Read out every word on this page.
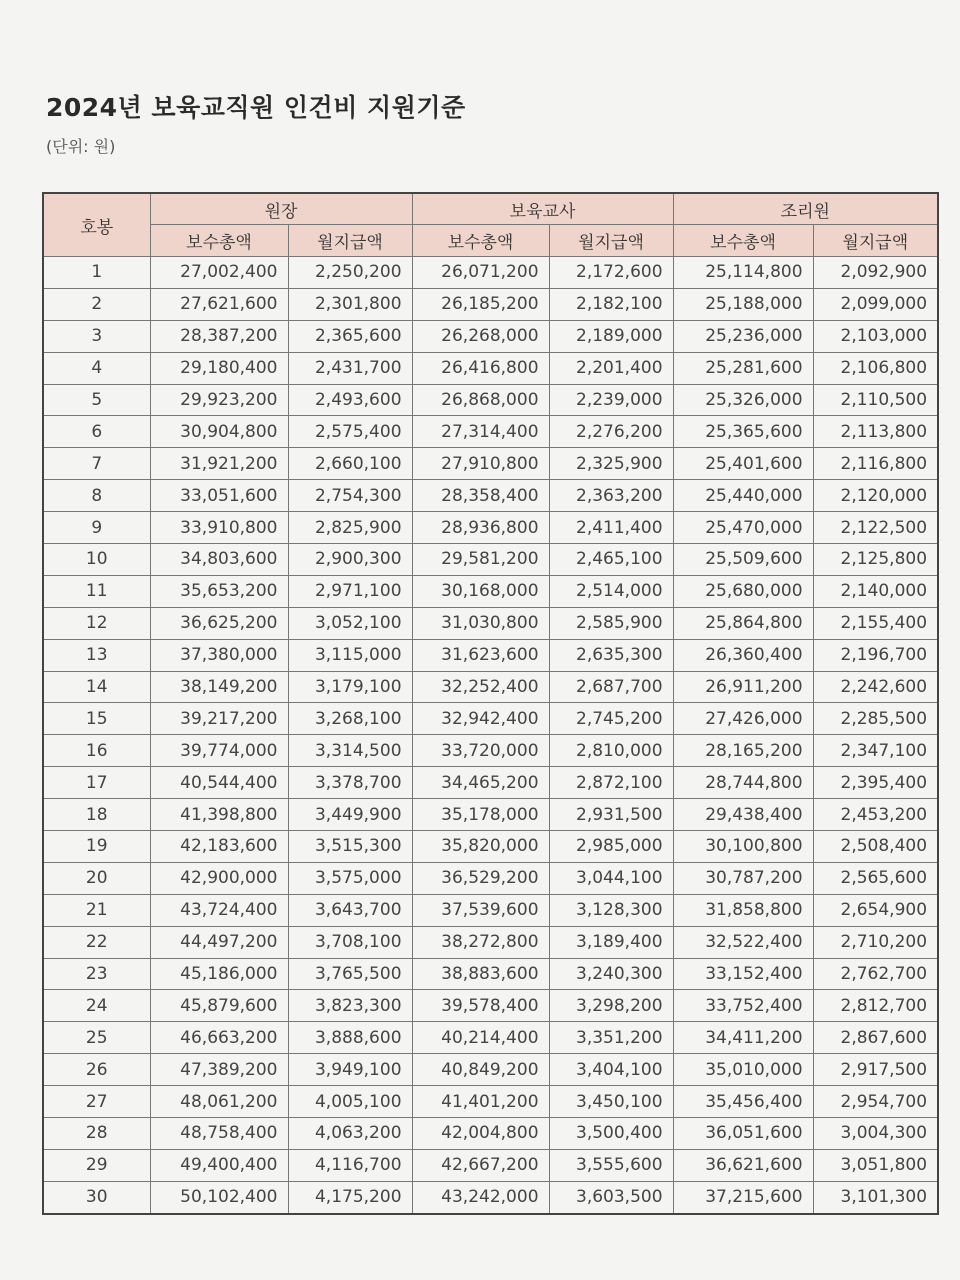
2024년 보육교직원 인건비 지원기준
(단위: 원)
호봉	원장		보육교사		조리원	
	보수총액	월지급액	보수총액	월지급액	보수총액	월지급액
1	27,002,400	2,250,200	26,071,200	2,172,600	25,114,800	2,092,900
2	27,621,600	2,301,800	26,185,200	2,182,100	25,188,000	2,099,000
3	28,387,200	2,365,600	26,268,000	2,189,000	25,236,000	2,103,000
4	29,180,400	2,431,700	26,416,800	2,201,400	25,281,600	2,106,800
5	29,923,200	2,493,600	26,868,000	2,239,000	25,326,000	2,110,500
6	30,904,800	2,575,400	27,314,400	2,276,200	25,365,600	2,113,800
7	31,921,200	2,660,100	27,910,800	2,325,900	25,401,600	2,116,800
8	33,051,600	2,754,300	28,358,400	2,363,200	25,440,000	2,120,000
9	33,910,800	2,825,900	28,936,800	2,411,400	25,470,000	2,122,500
10	34,803,600	2,900,300	29,581,200	2,465,100	25,509,600	2,125,800
11	35,653,200	2,971,100	30,168,000	2,514,000	25,680,000	2,140,000
12	36,625,200	3,052,100	31,030,800	2,585,900	25,864,800	2,155,400
13	37,380,000	3,115,000	31,623,600	2,635,300	26,360,400	2,196,700
14	38,149,200	3,179,100	32,252,400	2,687,700	26,911,200	2,242,600
15	39,217,200	3,268,100	32,942,400	2,745,200	27,426,000	2,285,500
16	39,774,000	3,314,500	33,720,000	2,810,000	28,165,200	2,347,100
17	40,544,400	3,378,700	34,465,200	2,872,100	28,744,800	2,395,400
18	41,398,800	3,449,900	35,178,000	2,931,500	29,438,400	2,453,200
19	42,183,600	3,515,300	35,820,000	2,985,000	30,100,800	2,508,400
20	42,900,000	3,575,000	36,529,200	3,044,100	30,787,200	2,565,600
21	43,724,400	3,643,700	37,539,600	3,128,300	31,858,800	2,654,900
22	44,497,200	3,708,100	38,272,800	3,189,400	32,522,400	2,710,200
23	45,186,000	3,765,500	38,883,600	3,240,300	33,152,400	2,762,700
24	45,879,600	3,823,300	39,578,400	3,298,200	33,752,400	2,812,700
25	46,663,200	3,888,600	40,214,400	3,351,200	34,411,200	2,867,600
26	47,389,200	3,949,100	40,849,200	3,404,100	35,010,000	2,917,500
27	48,061,200	4,005,100	41,401,200	3,450,100	35,456,400	2,954,700
28	48,758,400	4,063,200	42,004,800	3,500,400	36,051,600	3,004,300
29	49,400,400	4,116,700	42,667,200	3,555,600	36,621,600	3,051,800
30	50,102,400	4,175,200	43,242,000	3,603,500	37,215,600	3,101,300
